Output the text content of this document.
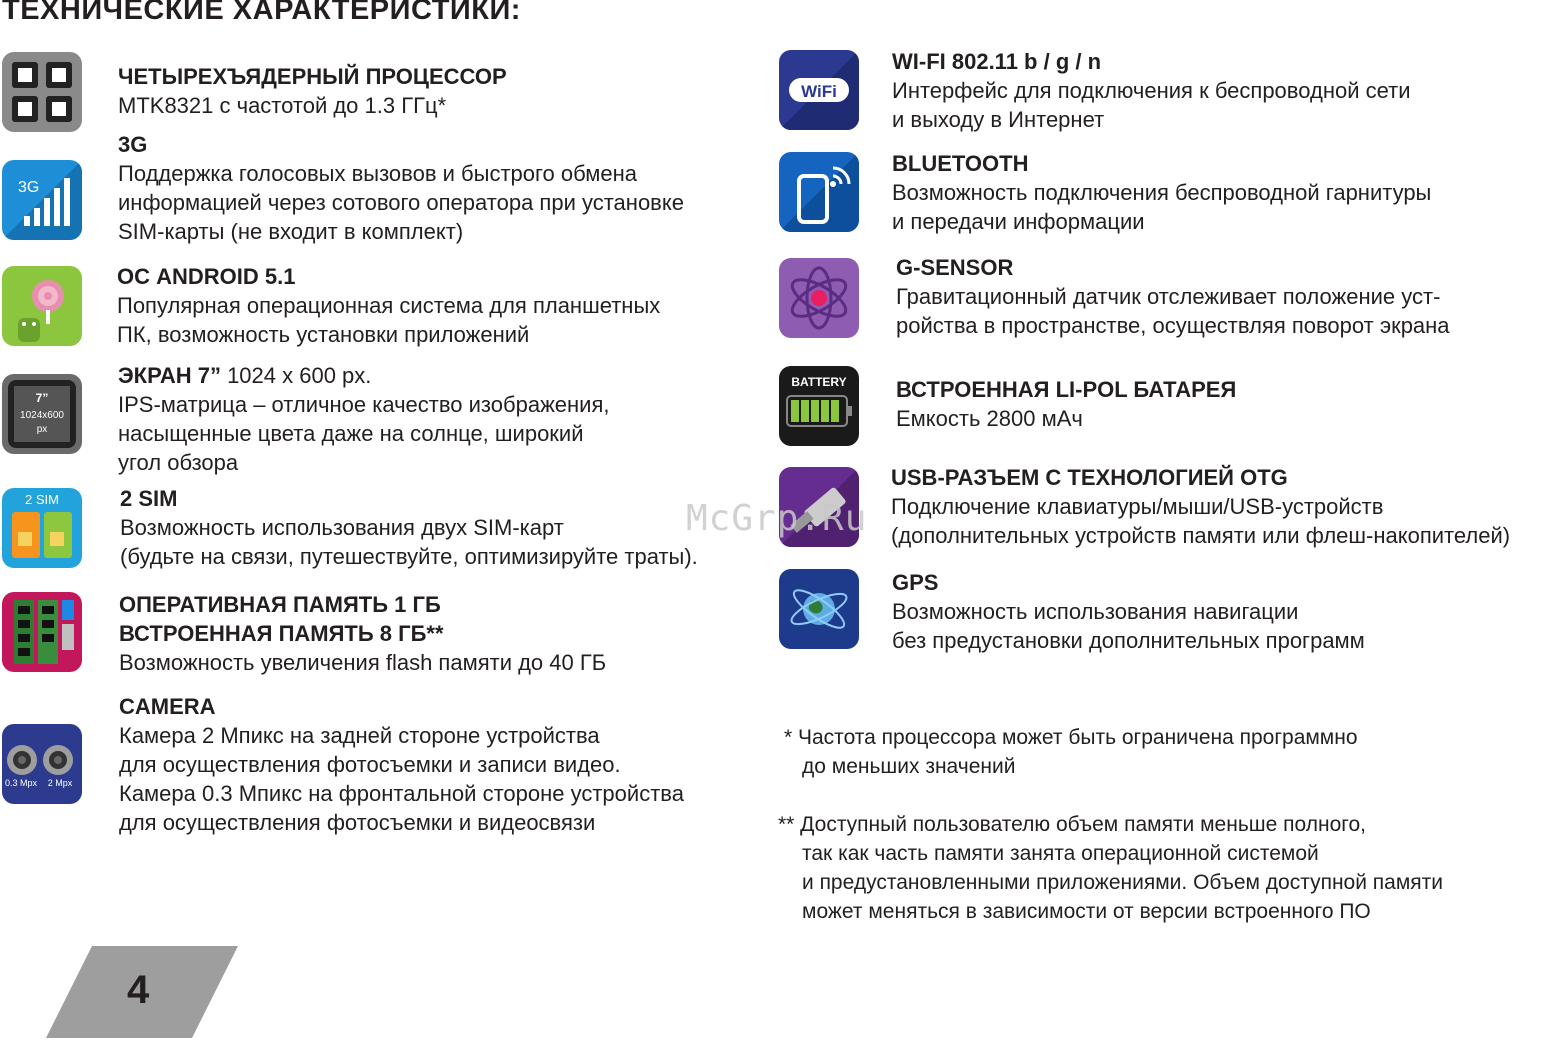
ТЕХНИЧЕСКИЕ ХАРАКТЕРИСТИКИ:
3G
7”
1024x600
px
2 SIM
0.3 Mpx 2 Mpx
ЧЕТЫРЕХЪЯДЕРНЫЙ ПРОЦЕССОР
MTK8321 с частотой до 1.3 ГГц*
3G
Поддержка голосовых вызовов и быстрого обмена
информацией через сотового оператора при установке
SIM-карты (не входит в комплект)
ОС ANDROID 5.1
Популярная операционная система для планшетных
ПК, возможность установки приложений
ЭКРАН 7” 1024 x 600 px.
IPS-матрица – отличное качество изображения,
насыщенные цвета даже на солнце, широкий
угол обзора
2 SIM
Возможность использования двух SIM-карт
(будьте на связи, путешествуйте, оптимизируйте траты).
ОПЕРАТИВНАЯ ПАМЯТЬ 1 ГБ
ВСТРОЕННАЯ ПАМЯТЬ 8 ГБ**
Возможность увеличения flash памяти до 40 ГБ
CAMERA
Камера 2 Мпикс на задней стороне устройства
для осуществления фотосъемки и записи видео.
Камера 0.3 Мпикс на фронтальной стороне устройства
для осуществления фотосъемки и видеосвязи
WiFi
BATTERY
WI-FI 802.11 b / g / n
Интерфейс для подключения к беспроводной сети
и выходу в Интернет
BLUETOOTH
Возможность подключения беспроводной гарнитуры
и передачи информации
G-SENSOR
Гравитационный датчик отслеживает положение уст-
ройства в пространстве, осуществляя поворот экрана
ВСТРОЕННАЯ LI-POL БАТАРЕЯ
Емкость 2800 мАч
USB-РАЗЪЕМ С ТЕХНОЛОГИЕЙ OTG
Подключение клавиатуры/мыши/USB-устройств
(дополнительных устройств памяти или флеш-накопителей)
GPS
Возможность использования навигации
без предустановки дополнительных программ
* Частота процессора может быть ограничена программно
до меньших значений
** Доступный пользователю объем памяти меньше полного,
так как часть памяти занята операционной системой
и предустановленными приложениями. Объем доступной памяти
может меняться в зависимости от версии встроенного ПО
McGrp.Ru
4
